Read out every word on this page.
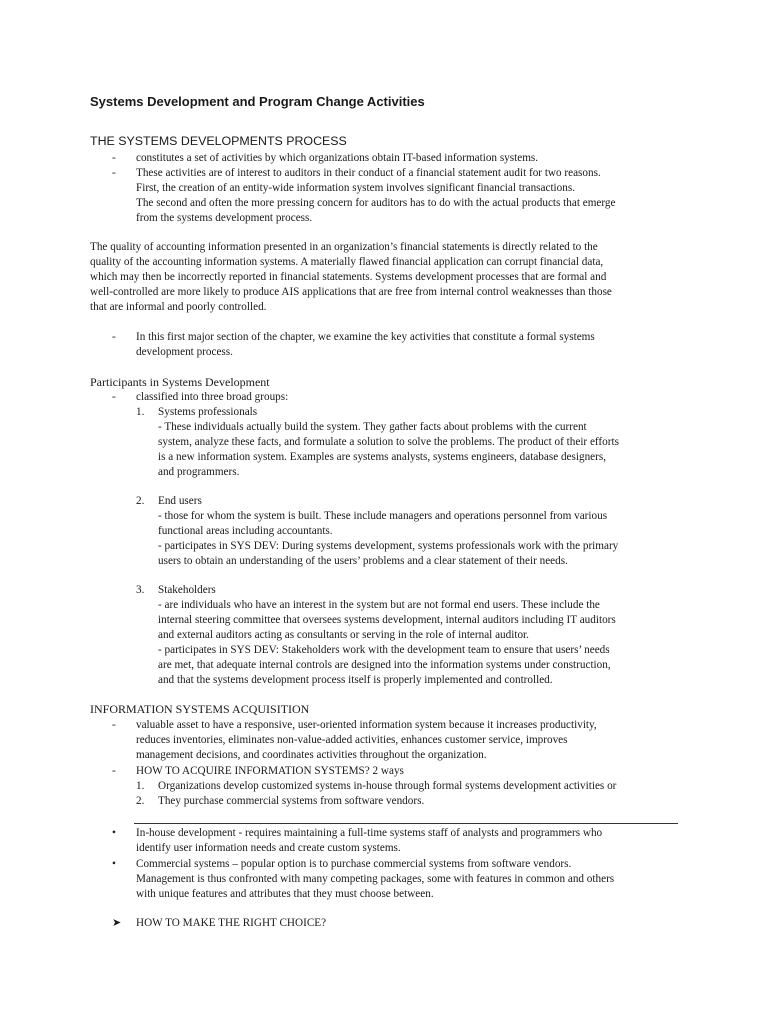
Systems Development and Program Change Activities
THE SYSTEMS DEVELOPMENTS PROCESS
- constitutes a set of activities by which organizations obtain IT-based information systems.
- These activities are of interest to auditors in their conduct of a financial statement audit for two reasons.
First, the creation of an entity-wide information system involves significant financial transactions.
The second and often the more pressing concern for auditors has to do with the actual products that emerge
from the systems development process.
The quality of accounting information presented in an organization’s financial statements is directly related to the
quality of the accounting information systems. A materially flawed financial application can corrupt financial data,
which may then be incorrectly reported in financial statements. Systems development processes that are formal and
well-controlled are more likely to produce AIS applications that are free from internal control weaknesses than those
that are informal and poorly controlled.
- In this first major section of the chapter, we examine the key activities that constitute a formal systems
development process.
Participants in Systems Development
- classified into three broad groups:
1. Systems professionals
- These individuals actually build the system. They gather facts about problems with the current
system, analyze these facts, and formulate a solution to solve the problems. The product of their efforts
is a new information system. Examples are systems analysts, systems engineers, database designers,
and programmers.
2. End users
- those for whom the system is built. These include managers and operations personnel from various
functional areas including accountants.
- participates in SYS DEV: During systems development, systems professionals work with the primary
users to obtain an understanding of the users’ problems and a clear statement of their needs.
3. Stakeholders
- are individuals who have an interest in the system but are not formal end users. These include the
internal steering committee that oversees systems development, internal auditors including IT auditors
and external auditors acting as consultants or serving in the role of internal auditor.
- participates in SYS DEV: Stakeholders work with the development team to ensure that users’ needs
are met, that adequate internal controls are designed into the information systems under construction,
and that the systems development process itself is properly implemented and controlled.
INFORMATION SYSTEMS ACQUISITION
- valuable asset to have a responsive, user-oriented information system because it increases productivity,
reduces inventories, eliminates non-value-added activities, enhances customer service, improves
management decisions, and coordinates activities throughout the organization.
- HOW TO ACQUIRE INFORMATION SYSTEMS? 2 ways
1. Organizations develop customized systems in-house through formal systems development activities or
2. They purchase commercial systems from software vendors.
• In-house development - requires maintaining a full-time systems staff of analysts and programmers who
identify user information needs and create custom systems.
• Commercial systems – popular option is to purchase commercial systems from software vendors.
Management is thus confronted with many competing packages, some with features in common and others
with unique features and attributes that they must choose between.
➤ HOW TO MAKE THE RIGHT CHOICE?
